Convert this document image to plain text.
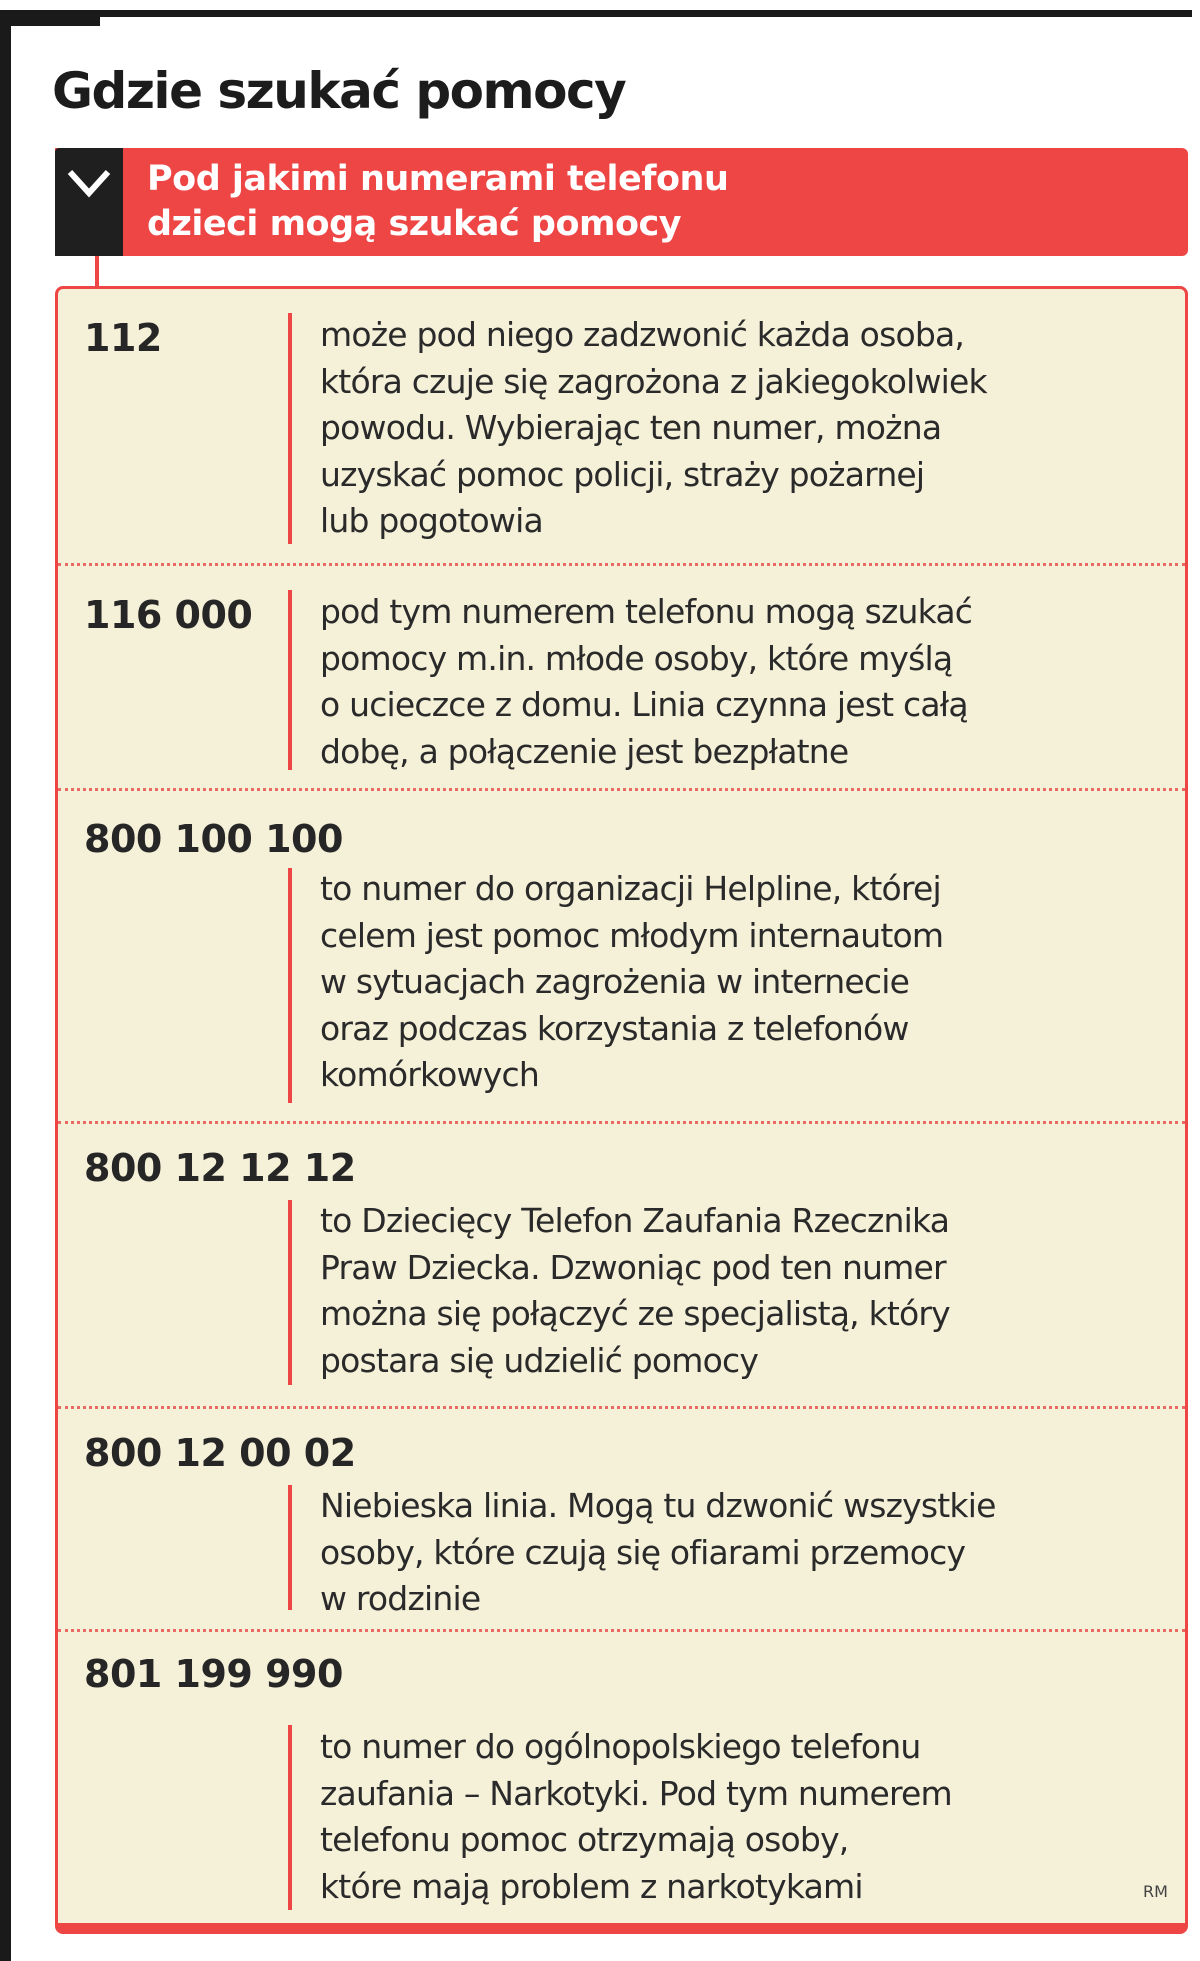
Gdzie szukać pomocy
Pod jakimi numerami telefonu
dzieci mogą szukać pomocy
112	może pod niego zadzwonić każda osoba,
która czuje się zagrożona z jakiegokolwiek
powodu. Wybierając ten numer, można
uzyskać pomoc policji, straży pożarnej
lub pogotowia
116 000 pod tym numerem telefonu mogą szukać
pomocy m.in. młode osoby, które myślą
o ucieczce z domu. Linia czynna jest całą
dobę, a połączenie jest bezpłatne
800 100 100
to numer do organizacji Helpline, której
celem jest pomoc młodym internautom
w sytuacjach zagrożenia w internecie
oraz podczas korzystania z telefonów
komórkowych
800 12 12 12
to Dziecięcy Telefon Zaufania Rzecznika
Praw Dziecka. Dzwoniąc pod ten numer
można się połączyć ze specjalistą, który
postara się udzielić pomocy
800 12 00 02
Niebieska linia. Mogą tu dzwonić wszystkie
osoby, które czują się ofiarami przemocy
w rodzinie
801 199 990
to numer do ogólnopolskiego telefonu
zaufania – Narkotyki. Pod tym numerem
telefonu pomoc otrzymają osoby,
które mają problem z narkotykami	RM
